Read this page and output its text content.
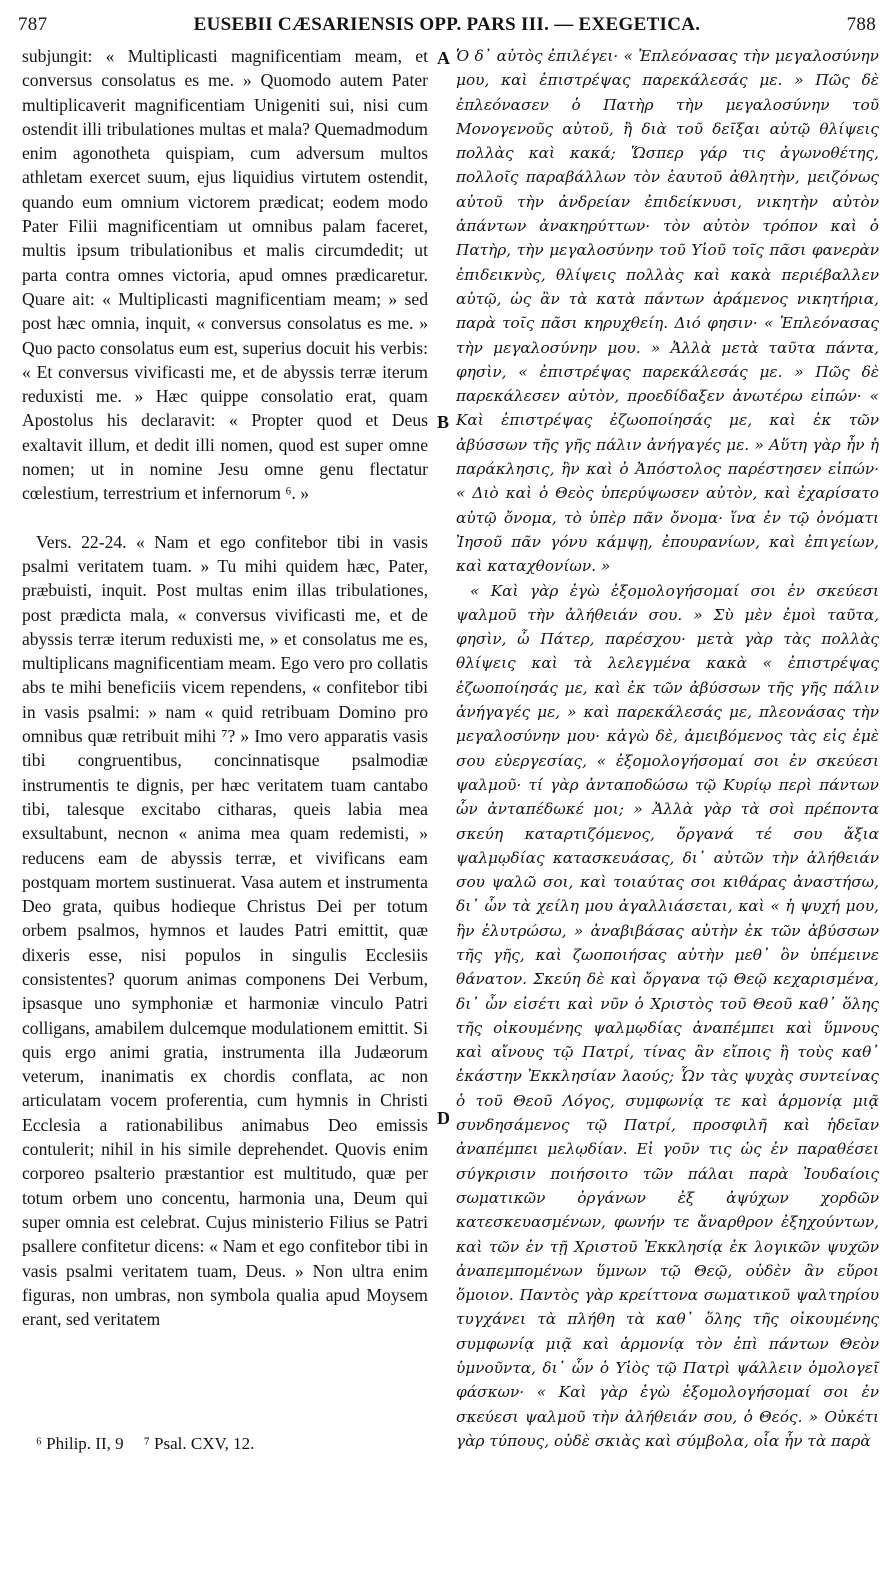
787	EUSEBII CÆSARIENSIS OPP. PARS III. — EXEGETICA.	788

subjungit: « Multiplicasti magnificentiam meam, et conversus consolatus es me. » Quomodo autem Pater multiplicaverit magnificentiam Unigeniti sui, nisi cum ostendit illi tribulationes multas et mala? Quemadmodum enim agonotheta quispiam, cum adversum multos athletam exercet suum, ejus liquidius virtutem ostendit, quando eum omnium victorem prædicat; eodem modo Pater Filii magnificentiam ut omnibus palam faceret, multis ipsum tribulationibus et malis circumdedit; ut parta contra omnes victoria, apud omnes prædicaretur. Quare ait: « Multiplicasti magnificentiam meam; » sed post hæc omnia, inquit, « conversus consolatus es me. » Quo pacto consolatus eum est, superius docuit his verbis: « Et conversus vivificasti me, et de abyssis terræ iterum reduxisti me. » Hæc quippe consolatio erat, quam Apostolus his declaravit: « Propter quod et Deus exaltavit illum, et dedit illi nomen, quod est super omne nomen; ut in nomine Jesu omne genu flectatur cœlestium, terrestrium et infernorum ⁶. »

Vers. 22-24. « Nam et ego confitebor tibi in vasis psalmi veritatem tuam. » Tu mihi quidem hæc, Pater, præbuisti, inquit. Post multas enim illas tribulationes, post prædicta mala, « conversus vivificasti me, et de abyssis terræ iterum reduxisti me, » et consolatus me es, multiplicans magnificentiam meam. Ego vero pro collatis abs te mihi beneficiis vicem rependens, « confitebor tibi in vasis psalmi: » nam « quid retribuam Domino pro omnibus quæ retribuit mihi ⁷? » Imo vero apparatis vasis tibi congruentibus, concinnatisque psalmodiæ instrumentis te dignis, per hæc veritatem tuam cantabo tibi, talesque excitabo citharas, queis labia mea exsultabunt, necnon « anima mea quam redemisti, » reducens eam de abyssis terræ, et vivificans eam postquam mortem sustinuerat. Vasa autem et instrumenta Deo grata, quibus hodieque Christus Dei per totum orbem psalmos, hymnos et laudes Patri emittit, quæ dixeris esse, nisi populos in singulis Ecclesiis consistentes? quorum animas componens Dei Verbum, ipsasque uno symphoniæ et harmoniæ vinculo Patri colligans, amabilem dulcemque modulationem emittit. Si quis ergo animi gratia, instrumenta illa Judæorum veterum, inanimatis ex chordis conflata, ac non articulatam vocem proferentia, cum hymnis in Christi Ecclesia a rationabilibus animabus Deo emissis contulerit; nihil in his simile deprehendet. Quovis enim corporeo psalterio præstantior est multitudo, quæ per totum orbem uno concentu, harmonia una, Deum qui super omnia est celebrat. Cujus ministerio Filius se Patri psallere confitetur dicens: « Nam et ego confitebor tibi in vasis psalmi veritatem tuam, Deus. » Non ultra enim figuras, non umbras, non symbola qualia apud Moysem erant, sed veritatem

A
B
D

Ὁ δ᾽ αὐτὸς ἐπιλέγει· « Ἐπλεόνασας τὴν μεγαλοσύνην μου, καὶ ἐπιστρέψας παρεκάλεσάς με. » Πῶς δὲ ἐπλεόνασεν ὁ Πατὴρ τὴν μεγαλοσύνην τοῦ Μονογενοῦς αὐτοῦ, ἢ διὰ τοῦ δεῖξαι αὐτῷ θλίψεις πολλὰς καὶ κακά; Ὥσπερ γάρ τις ἀγωνοθέτης, πολλοῖς παραβάλλων τὸν ἑαυτοῦ ἀθλητὴν, μειζόνως αὐτοῦ τὴν ἀνδρείαν ἐπιδείκνυσι, νικητὴν αὐτὸν ἁπάντων ἀνακηρύττων· τὸν αὐτὸν τρόπον καὶ ὁ Πατὴρ, τὴν μεγαλοσύνην τοῦ Υἱοῦ τοῖς πᾶσι φανερὰν ἐπιδεικνὺς, θλίψεις πολλὰς καὶ κακὰ περιέβαλλεν αὐτῷ, ὡς ἂν τὰ κατὰ πάντων ἀράμενος νικητήρια, παρὰ τοῖς πᾶσι κηρυχθείη. Διό φησιν· « Ἐπλεόνασας τὴν μεγαλοσύνην μου. » Ἀλλὰ μετὰ ταῦτα πάντα, φησὶν, « ἐπιστρέψας παρεκάλεσάς με. » Πῶς δὲ παρεκάλεσεν αὐτὸν, προεδίδαξεν ἀνωτέρω εἰπών· « Καὶ ἐπιστρέψας ἐζωοποίησάς με, καὶ ἐκ τῶν ἀβύσσων τῆς γῆς πάλιν ἀνήγαγές με. » Αὕτη γὰρ ἦν ἡ παράκλησις, ἣν καὶ ὁ Ἀπόστολος παρέστησεν εἰπών· « Διὸ καὶ ὁ Θεὸς ὑπερύψωσεν αὐτὸν, καὶ ἐχαρίσατο αὐτῷ ὄνομα, τὸ ὑπὲρ πᾶν ὄνομα· ἵνα ἐν τῷ ὀνόματι Ἰησοῦ πᾶν γόνυ κάμψῃ, ἐπουρανίων, καὶ ἐπιγείων, καὶ καταχθονίων. »

« Καὶ γὰρ ἐγὼ ἐξομολογήσομαί σοι ἐν σκεύεσι ψαλμοῦ τὴν ἀλήθειάν σου. » Σὺ μὲν ἐμοὶ ταῦτα, φησὶν, ὦ Πάτερ, παρέσχου· μετὰ γὰρ τὰς πολλὰς θλίψεις καὶ τὰ λελεγμένα κακὰ « ἐπιστρέψας ἐζωοποίησάς με, καὶ ἐκ τῶν ἀβύσσων τῆς γῆς πάλιν ἀνήγαγές με, » καὶ παρεκάλεσάς με, πλεονάσας τὴν μεγαλοσύνην μου· κἀγὼ δὲ, ἀμειβόμενος τὰς εἰς ἐμὲ σου εὐεργεσίας, « ἐξομολογήσομαί σοι ἐν σκεύεσι ψαλμοῦ· τί γὰρ ἀνταποδώσω τῷ Κυρίῳ περὶ πάντων ὧν ἀνταπέδωκέ μοι; » Ἀλλὰ γὰρ τὰ σοὶ πρέποντα σκεύη καταρτιζόμενος, ὄργανά τέ σου ἄξια ψαλμῳδίας κατασκευάσας, δι᾽ αὐτῶν τὴν ἀλήθειάν σου ψαλῶ σοι, καὶ τοιαύτας σοι κιθάρας ἀναστήσω, δι᾽ ὧν τὰ χείλη μου ἀγαλλιάσεται, καὶ « ἡ ψυχή μου, ἣν ἐλυτρώσω, » ἀναβιβάσας αὐτὴν ἐκ τῶν ἀβύσσων τῆς γῆς, καὶ ζωοποιήσας αὐτὴν μεθ᾽ ὃν ὑπέμεινε θάνατον. Σκεύη δὲ καὶ ὄργανα τῷ Θεῷ κεχαρισμένα, δι᾽ ὧν εἰσέτι καὶ νῦν ὁ Χριστὸς τοῦ Θεοῦ καθ᾽ ὅλης τῆς οἰκουμένης ψαλμῳδίας ἀναπέμπει καὶ ὕμνους καὶ αἴνους τῷ Πατρί, τίνας ἂν εἴποις ἢ τοὺς καθ᾽ ἑκάστην Ἐκκλησίαν λαούς; Ὧν τὰς ψυχὰς συντείνας ὁ τοῦ Θεοῦ Λόγος, συμφωνίᾳ τε καὶ ἁρμονίᾳ μιᾷ συνδησάμενος τῷ Πατρί, προσφιλῆ καὶ ἡδεῖαν ἀναπέμπει μελῳδίαν. Εἰ γοῦν τις ὡς ἐν παραθέσει σύγκρισιν ποιήσοιτο τῶν πάλαι παρὰ Ἰουδαίοις σωματικῶν ὀργάνων ἐξ ἀψύχων χορδῶν κατεσκευασμένων, φωνήν τε ἄναρθρον ἐξηχούντων, καὶ τῶν ἐν τῇ Χριστοῦ Ἐκκλησίᾳ ἐκ λογικῶν ψυχῶν ἀναπεμπομένων ὕμνων τῷ Θεῷ, οὐδὲν ἂν εὕροι ὅμοιον. Παντὸς γὰρ κρείττονα σωματικοῦ ψαλτηρίου τυγχάνει τὰ πλήθη τὰ καθ᾽ ὅλης τῆς οἰκουμένης συμφωνίᾳ μιᾷ καὶ ἁρμονίᾳ τὸν ἐπὶ πάντων Θεὸν ὑμνοῦντα, δι᾽ ὧν ὁ Υἱὸς τῷ Πατρὶ ψάλλειν ὁμολογεῖ φάσκων· « Καὶ γὰρ ἐγὼ ἐξομολογήσομαί σοι ἐν σκεύεσι ψαλμοῦ τὴν ἀλήθειάν σου, ὁ Θεός. » Οὐκέτι γὰρ τύπους, οὐδὲ σκιὰς καὶ σύμβολα, οἷα ἦν τὰ παρὰ

⁶ Philip. II, 9 ⁷ Psal. CXV, 12.
